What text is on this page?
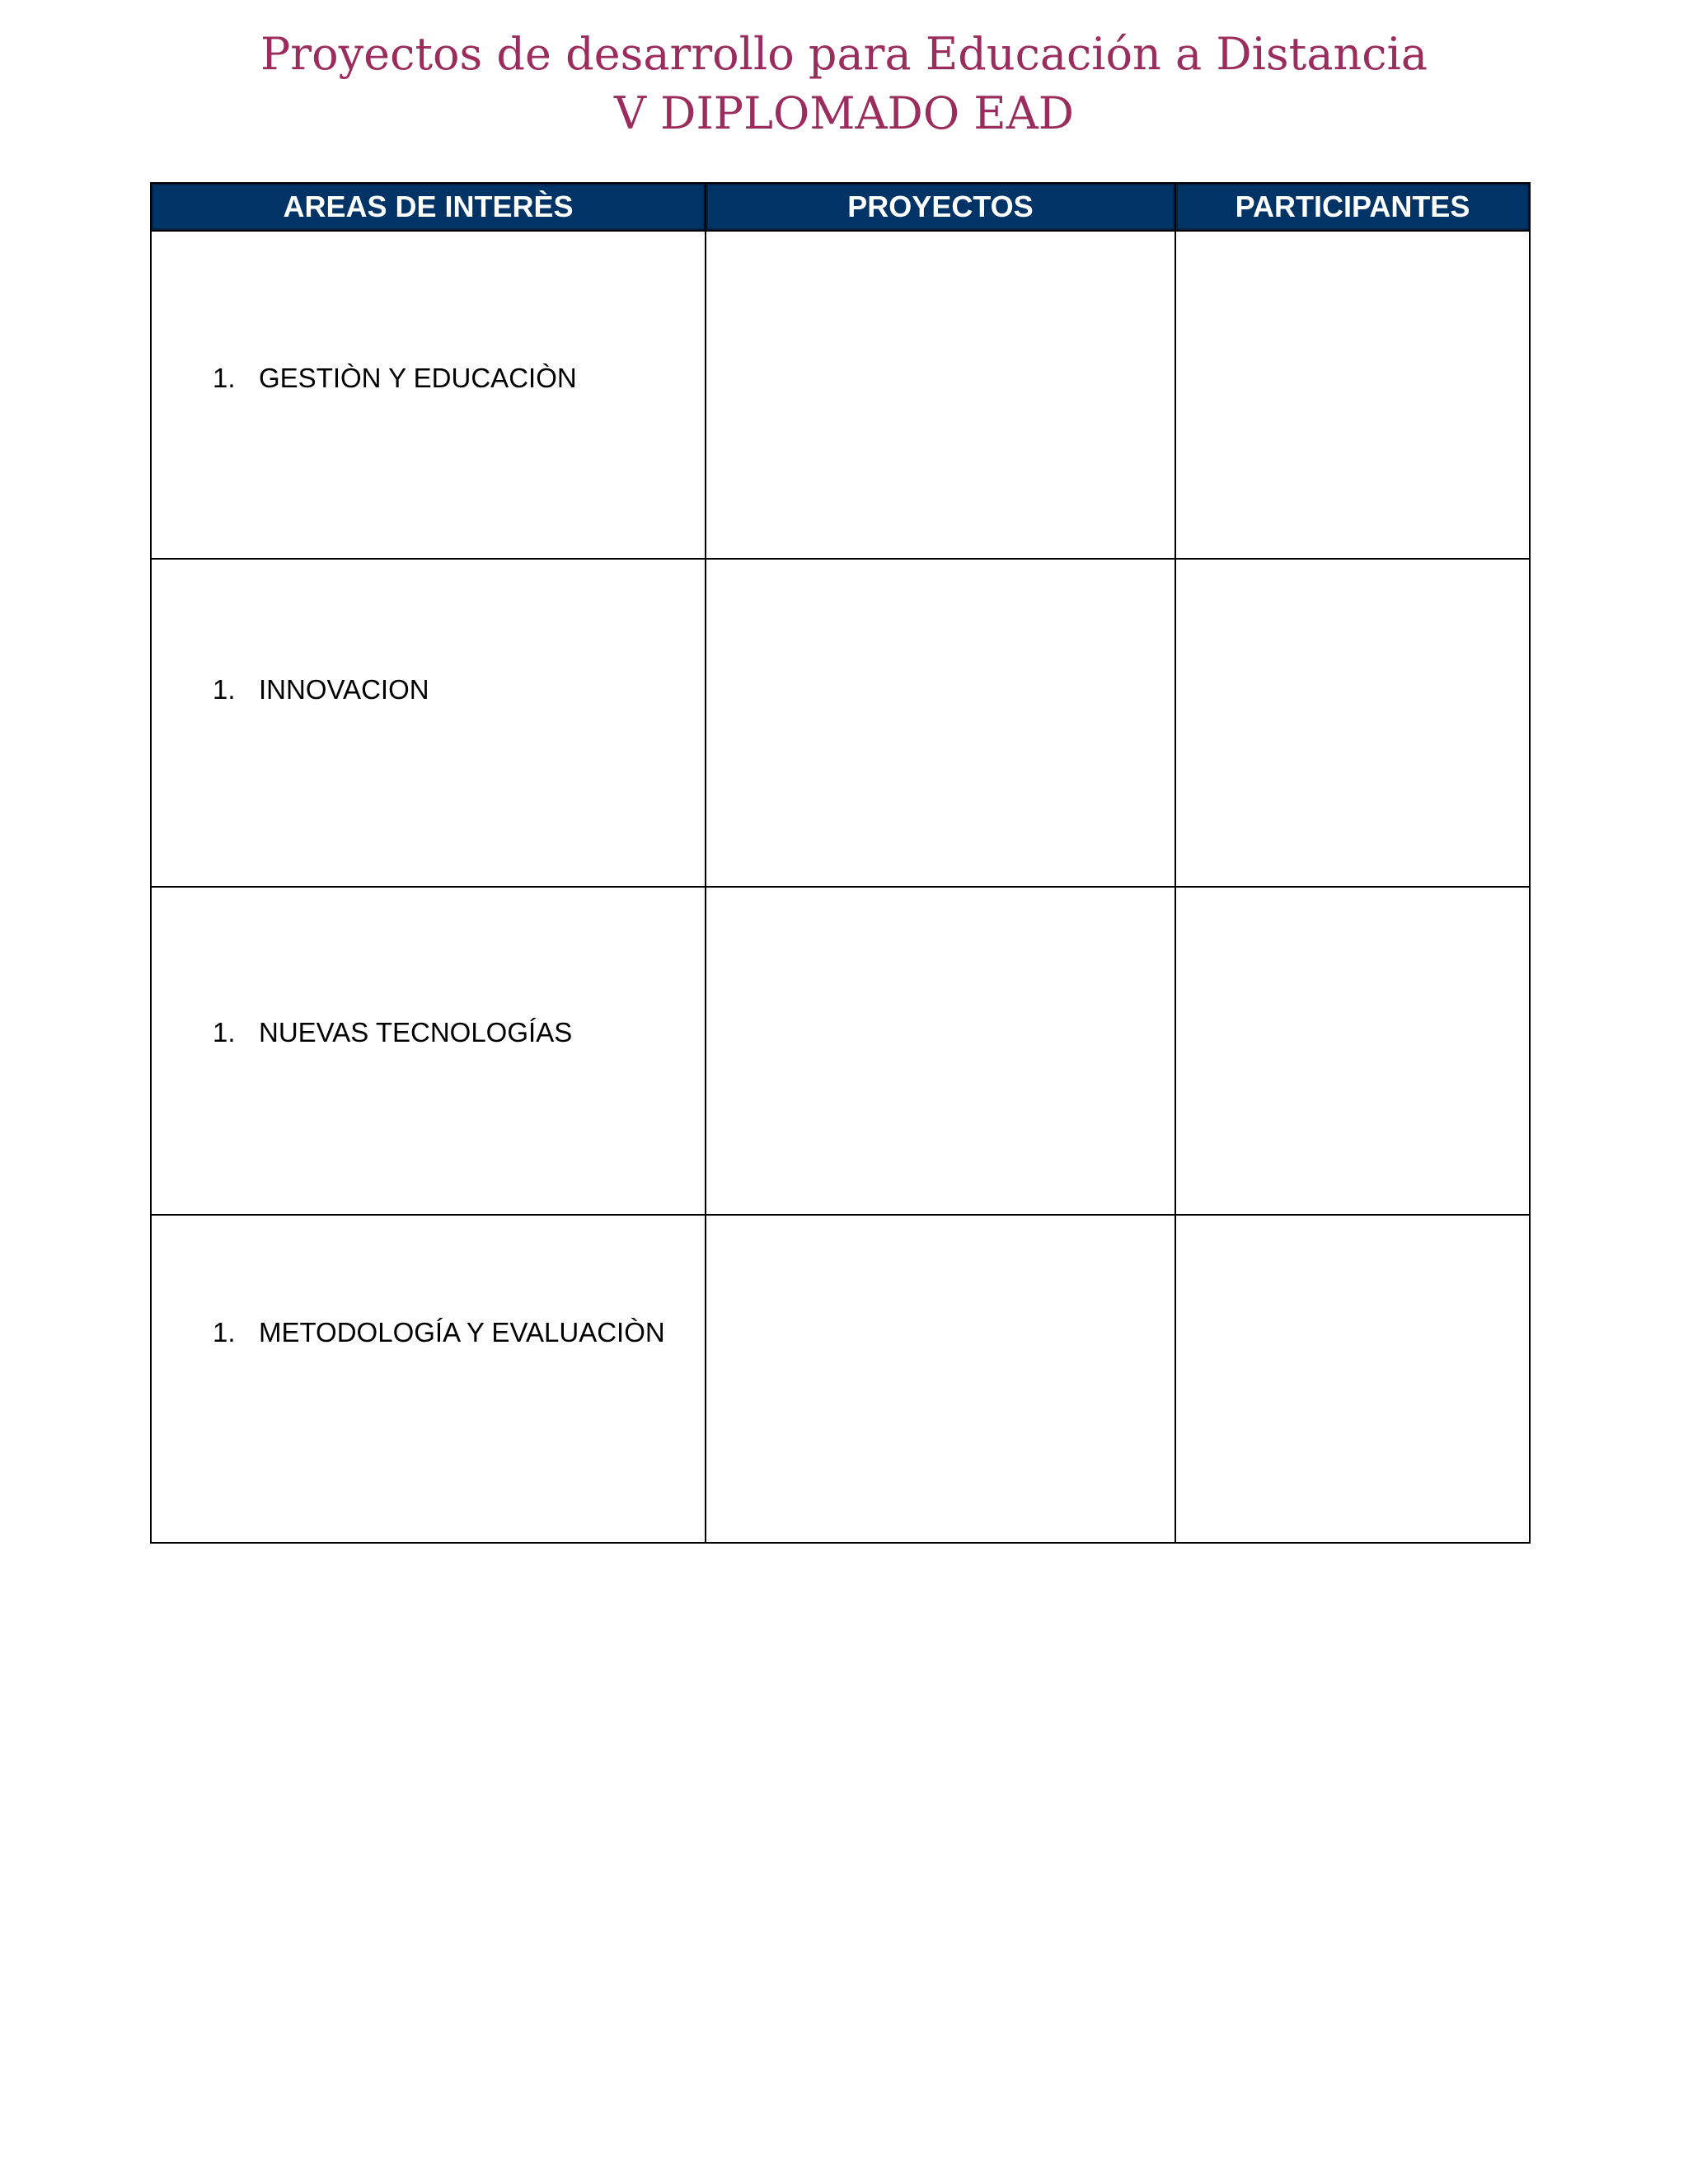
Proyectos de desarrollo para Educación a Distancia
V DIPLOMADO EAD
AREAS DE INTERÈS	PROYECTOS	PARTICIPANTES

1. GESTIÒN Y EDUCACIÒN		

1. INNOVACION		

1. NUEVAS TECNOLOGÍAS		

1. METODOLOGÍA Y EVALUACIÒN		
